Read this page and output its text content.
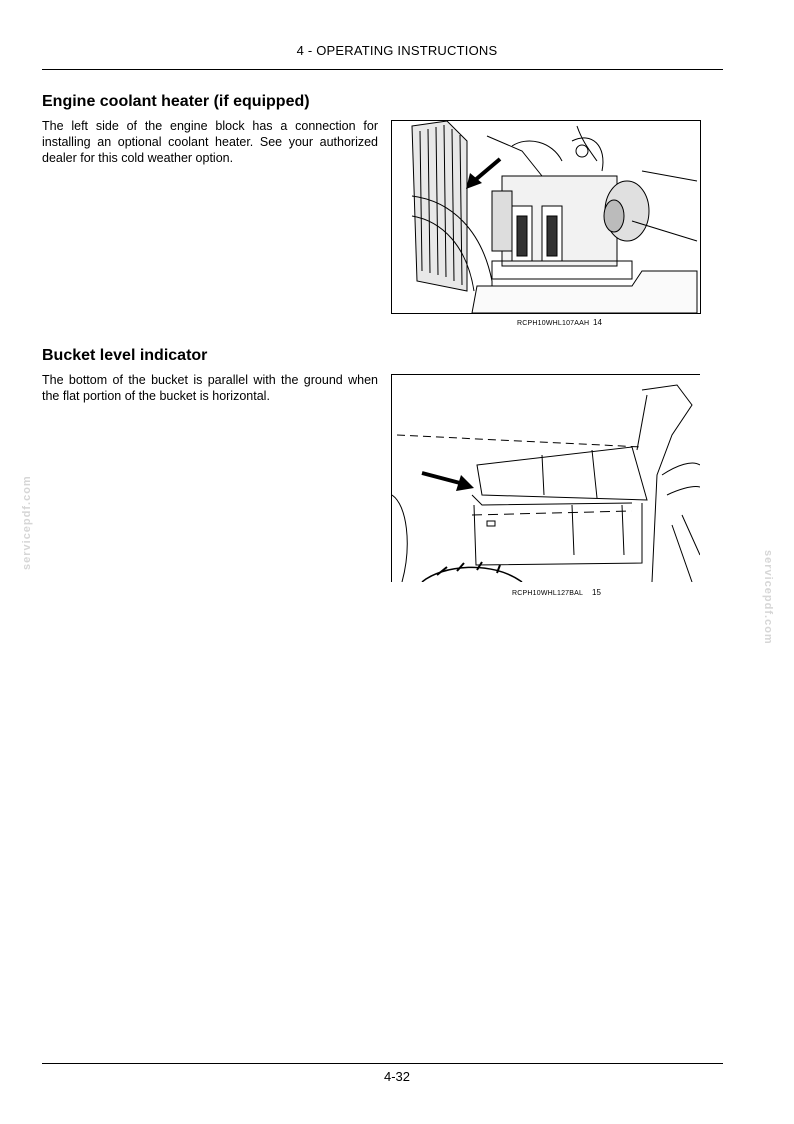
4 - OPERATING INSTRUCTIONS
Engine coolant heater (if equipped)
The left side of the engine block has a connection for installing an optional coolant heater. See your authorized dealer for this cold weather option.
RCPH10WHL107AAH 14
Bucket level indicator
The bottom of the bucket is parallel with the ground when the flat portion of the bucket is horizontal.
RCPH10WHL127BAL 15
servicepdf.com
servicepdf.com
4-32
